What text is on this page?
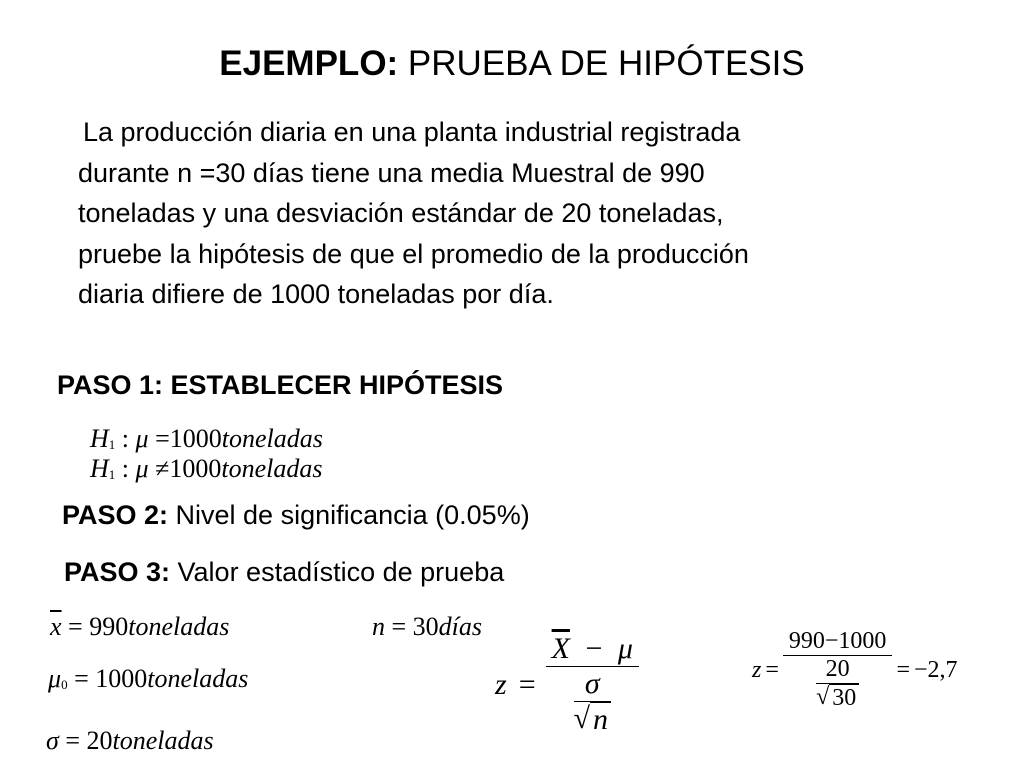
EJEMPLO: PRUEBA DE HIPÓTESIS
La producción diaria en una planta industrial registrada
durante n =30 días tiene una media Muestral de 990
toneladas y una desviación estándar de 20 toneladas,
pruebe la hipótesis de que el promedio de la producción
diaria difiere de 1000 toneladas por día.
PASO 1: ESTABLECER HIPÓTESIS
H1 : μ =1000toneladas
H1 : μ ≠1000toneladas
PASO 2: Nivel de significancia (0.05%)
PASO 3: Valor estadístico de prueba
$\overline{x}$ = 990toneladas
μ0 = 1000toneladas
σ = 20toneladas
n = 30días
$z = \overline{X} - \mu$
σ
√ n	z = 990−1000
20
√ 30 = −2,7
